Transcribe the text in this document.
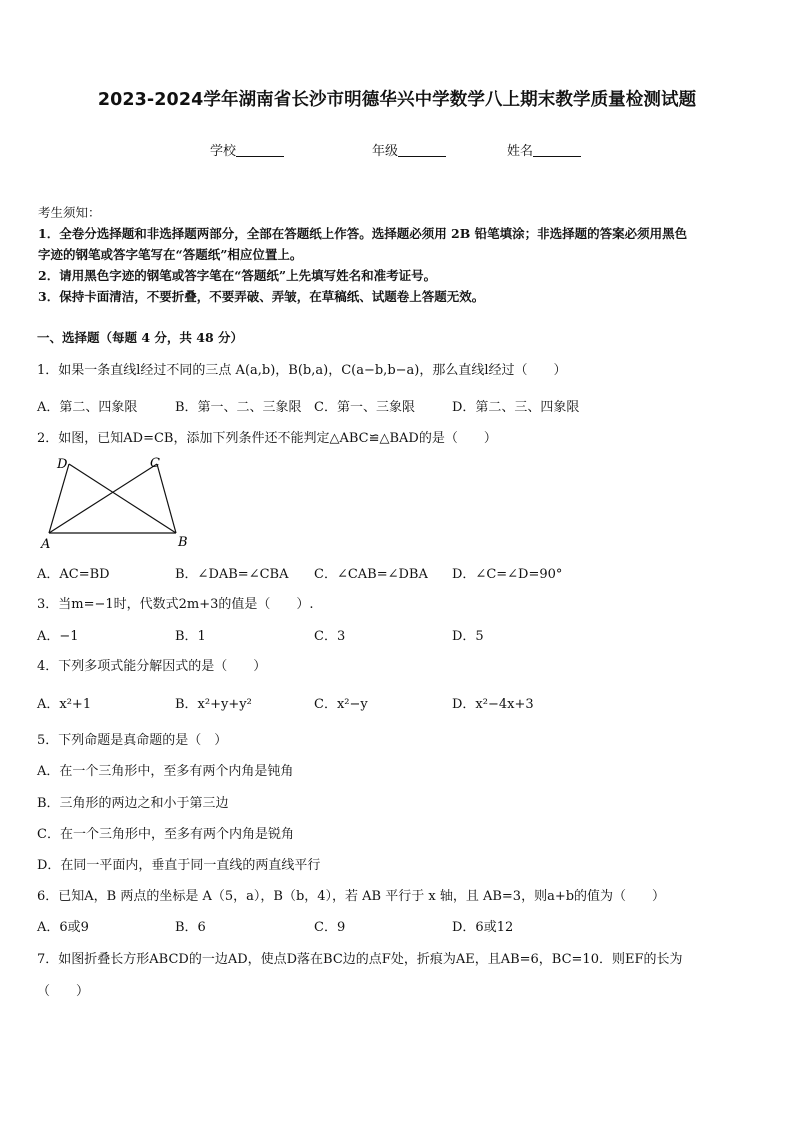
2023-2024学年湖南省长沙市明德华兴中学数学八上期末教学质量检测试题
学校	年级	姓名
考生须知：
1．全卷分选择题和非选择题两部分，全部在答题纸上作答。选择题必须用 2B 铅笔填涂；非选择题的答案必须用黑色
字迹的钢笔或答字笔写在“答题纸”相应位置上。
2．请用黑色字迹的钢笔或答字笔在“答题纸”上先填写姓名和准考证号。
3．保持卡面清洁，不要折叠，不要弄破、弄皱，在草稿纸、试题卷上答题无效。
一、选择题（每题 4 分，共 48 分）
1．如果一条直线l经过不同的三点 A(a,b)，B(b,a)，C(a−b,b−a)，那么直线l经过（　　）
A．第二、四象限	B．第一、二、三象限 C．第一、三象限	D．第二、三、四象限
2．如图，已知AD=CB，添加下列条件还不能判定△ABC≌△BAD的是（　　）
D	C
A	B
A．AC=BD	B．∠DAB=∠CBA C．∠CAB=∠DBA D．∠C=∠D=90°
3．当m=−1时，代数式2m+3的值是（　　）.
A．−1	B．1	C．3	D．5
4．下列多项式能分解因式的是（　　）
A．x²+1	B．x²+y+y²	C．x²−y	D．x²−4x+3
5．下列命题是真命题的是（　）
A．在一个三角形中，至多有两个内角是钝角
B．三角形的两边之和小于第三边
C．在一个三角形中，至多有两个内角是锐角
D．在同一平面内，垂直于同一直线的两直线平行
6．已知A，B 两点的坐标是 A（5，a），B（b，4），若 AB 平行于 x 轴，且 AB=3，则a+b的值为（　　）
A．6或9	B．6	C．9	D．6或12
7．如图折叠长方形ABCD的一边AD，使点D落在BC边的点F处，折痕为AE，且AB=6，BC=10．则EF的长为
（　　）
